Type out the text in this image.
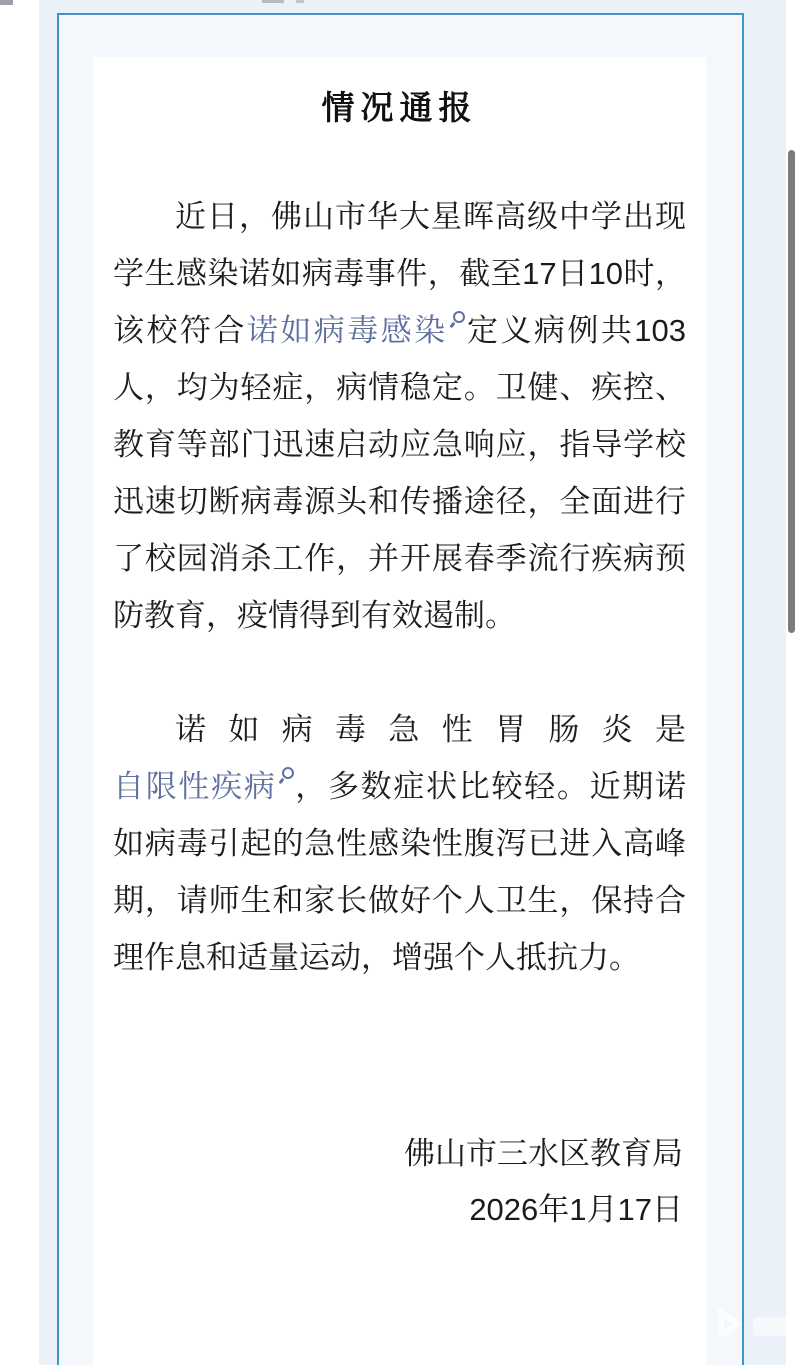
情况通报

近日，佛山市华大星晖高级中学出现学生感染诺如病毒事件，截至17日10时，该校符合诺如病毒感染 定义病例共103人，均为轻症，病情稳定。卫健、疾控、教育等部门迅速启动应急响应，指导学校迅速切断病毒源头和传播途径，全面进行了校园消杀工作，并开展春季流行疾病预防教育，疫情得到有效遏制。

诺如病毒急性胃肠炎是自限性疾病 ，多数症状比较轻。近期诺如病毒引起的急性感染性腹泻已进入高峰期，请师生和家长做好个人卫生，保持合理作息和适量运动，增强个人抵抗力。

佛山市三水区教育局
2026年1月17日
